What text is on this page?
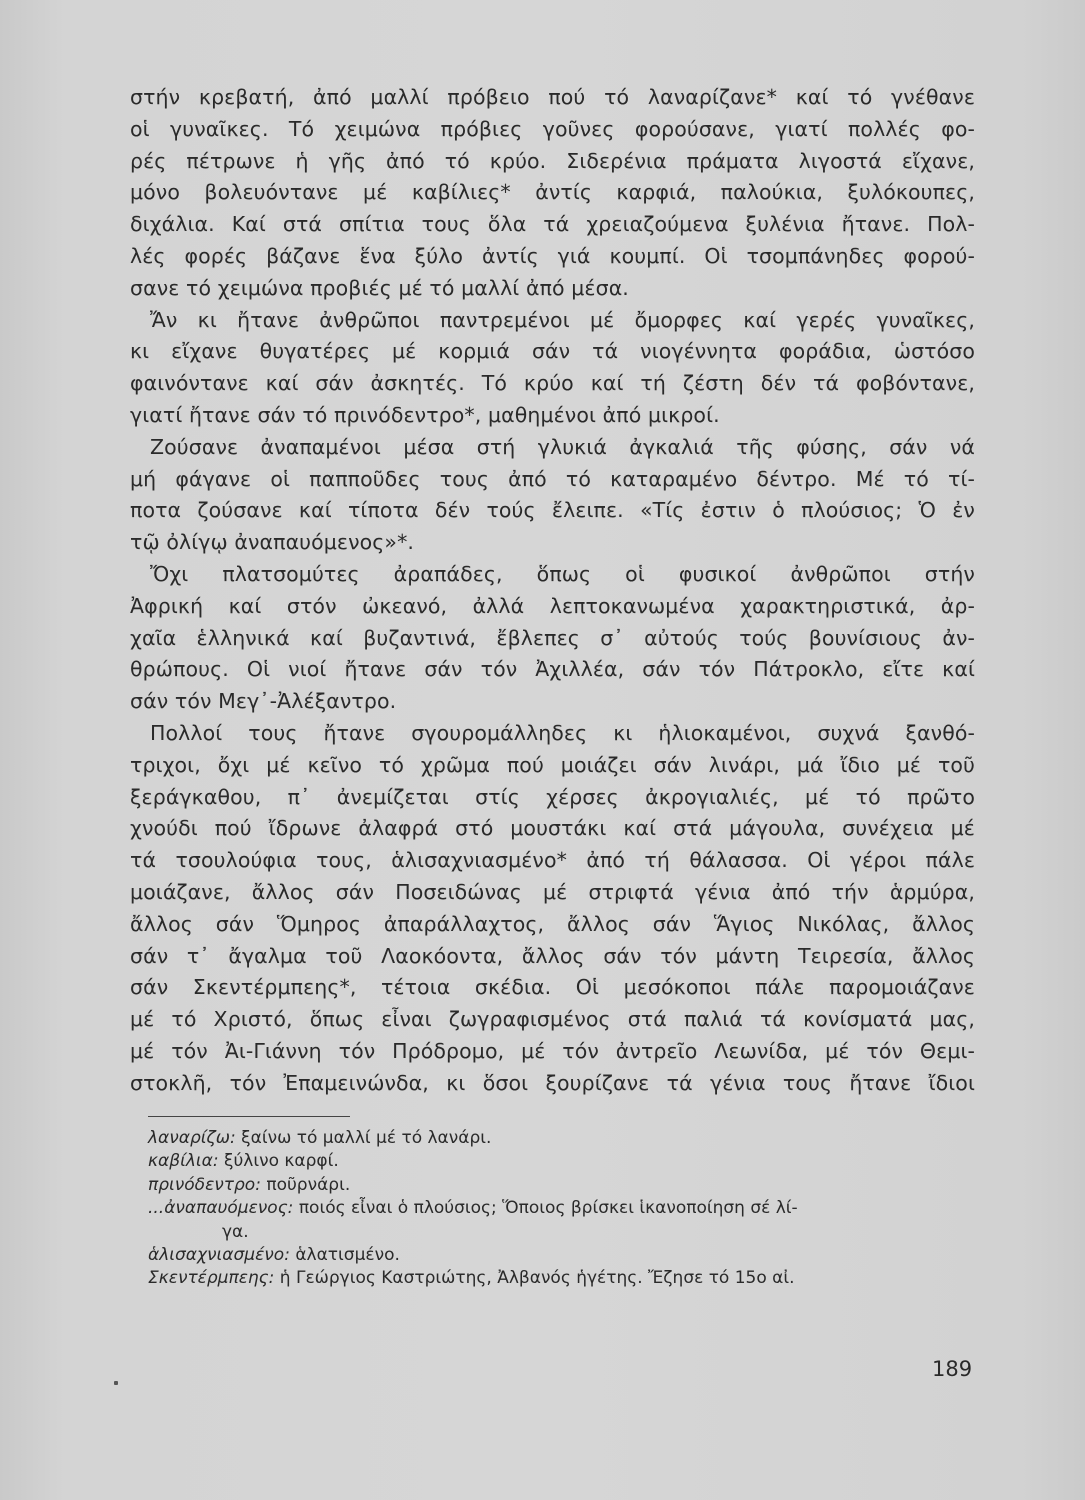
στήν κρεβατή, ἀπό μαλλί πρόβειο πού τό λαναρίζανε* καί τό γνέθανε
οἱ γυναῖκες. Τό χειμώνα πρόβιες γοῦνες φορούσανε, γιατί πολλές φο-
ρές πέτρωνε ἡ γῆς ἀπό τό κρύο. Σιδερένια πράματα λιγοστά εἴχανε,
μόνο βολευόντανε μέ καβίλιες* ἀντίς καρφιά, παλούκια, ξυλόκουπες,
διχάλια. Καί στά σπίτια τους ὅλα τά χρειαζούμενα ξυλένια ἤτανε. Πολ-
λές φορές βάζανε ἕνα ξύλο ἀντίς γιά κουμπί. Οἱ τσομπάνηδες φορού-
σανε τό χειμώνα προβιές μέ τό μαλλί ἀπό μέσα.
Ἄν κι ἤτανε ἀνθρῶποι παντρεμένοι μέ ὄμορφες καί γερές γυναῖκες,
κι εἴχανε θυγατέρες μέ κορμιά σάν τά νιογέννητα φοράδια, ὡστόσο
φαινόντανε καί σάν ἀσκητές. Τό κρύο καί τή ζέστη δέν τά φοβόντανε,
γιατί ἤτανε σάν τό πρινόδεντρο*, μαθημένοι ἀπό μικροί.
Ζούσανε ἀναπαμένοι μέσα στή γλυκιά ἀγκαλιά τῆς φύσης, σάν νά
μή φάγανε οἱ παπποῦδες τους ἀπό τό καταραμένο δέντρο. Μέ τό τί-
ποτα ζούσανε καί τίποτα δέν τούς ἔλειπε. «Τίς ἐστιν ὁ πλούσιος; Ὁ ἐν
τῷ ὀλίγῳ ἀναπαυόμενος»*.
Ὄχι πλατσομύτες ἀραπάδες, ὅπως οἱ φυσικοί ἀνθρῶποι στήν
Ἀφρική καί στόν ὠκεανό, ἀλλά λεπτοκανωμένα χαρακτηριστικά, ἀρ-
χαῖα ἑλληνικά καί βυζαντινά, ἔβλεπες σ᾽ αὐτούς τούς βουνίσιους ἀν-
θρώπους. Οἱ νιοί ἤτανε σάν τόν Ἀχιλλέα, σάν τόν Πάτροκλο, εἴτε καί
σάν τόν Μεγ᾽-Ἀλέξαντρο.
Πολλοί τους ἤτανε σγουρομάλληδες κι ἡλιοκαμένοι, συχνά ξανθό-
τριχοι, ὄχι μέ κεῖνο τό χρῶμα πού μοιάζει σάν λινάρι, μά ἴδιο μέ τοῦ
ξεράγκαθου, π᾽ ἀνεμίζεται στίς χέρσες ἀκρογιαλιές, μέ τό πρῶτο
χνούδι πού ἴδρωνε ἀλαφρά στό μουστάκι καί στά μάγουλα, συνέχεια μέ
τά τσουλούφια τους, ἁλισαχνιασμένο* ἀπό τή θάλασσα. Οἱ γέροι πάλε
μοιάζανε, ἄλλος σάν Ποσειδώνας μέ στριφτά γένια ἀπό τήν ἁρμύρα,
ἄλλος σάν Ὅμηρος ἀπαράλλαχτος, ἄλλος σάν Ἅγιος Νικόλας, ἄλλος
σάν τ᾽ ἄγαλμα τοῦ Λαοκόοντα, ἄλλος σάν τόν μάντη Τειρεσία, ἄλλος
σάν Σκεντέρμπεης*, τέτοια σκέδια. Οἱ μεσόκοποι πάλε παρομοιάζανε
μέ τό Χριστό, ὅπως εἶναι ζωγραφισμένος στά παλιά τά κονίσματά μας,
μέ τόν Ἀι-Γιάννη τόν Πρόδρομο, μέ τόν ἀντρεῖο Λεωνίδα, μέ τόν Θεμι-
στοκλῆ, τόν Ἐπαμεινώνδα, κι ὅσοι ξουρίζανε τά γένια τους ἤτανε ἴδιοι
λαναρίζω: ξαίνω τό μαλλί μέ τό λανάρι.
καβίλια: ξύλινο καρφί.
πρινόδεντρο: ποῦρνάρι.
...ἀναπαυόμενος: ποιός εἶναι ὁ πλούσιος; Ὅποιος βρίσκει ἱκανοποίηση σέ λί-
γα.
ἁλισαχνιασμένο: ἁλατισμένο.
Σκεντέρμπεης: ἡ Γεώργιος Καστριώτης, Ἀλβανός ἡγέτης. Ἔζησε τό 15ο αἰ.
189
